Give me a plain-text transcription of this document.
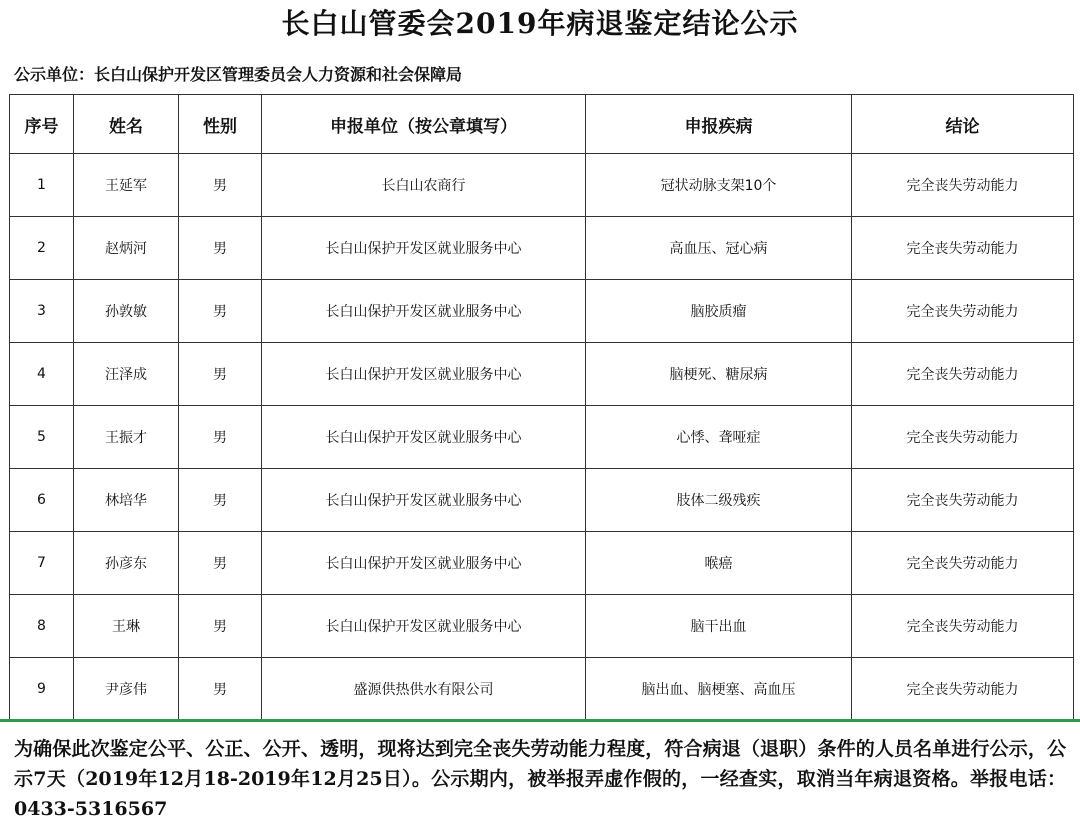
长白山管委会2019年病退鉴定结论公示
公示单位：长白山保护开发区管理委员会人力资源和社会保障局
序号	姓名	性别	申报单位（按公章填写）	申报疾病	结论
1	王延军	男	长白山农商行	冠状动脉支架10个	完全丧失劳动能力
2	赵炳河	男	长白山保护开发区就业服务中心	高血压、冠心病	完全丧失劳动能力
3	孙敦敏	男	长白山保护开发区就业服务中心	脑胶质瘤	完全丧失劳动能力
4	汪泽成	男	长白山保护开发区就业服务中心	脑梗死、糖尿病	完全丧失劳动能力
5	王振才	男	长白山保护开发区就业服务中心	心悸、聋哑症	完全丧失劳动能力
6	林培华	男	长白山保护开发区就业服务中心	肢体二级残疾	完全丧失劳动能力
7	孙彦东	男	长白山保护开发区就业服务中心	喉癌	完全丧失劳动能力
8	王琳	男	长白山保护开发区就业服务中心	脑干出血	完全丧失劳动能力
9	尹彦伟	男	盛源供热供水有限公司	脑出血、脑梗塞、高血压	完全丧失劳动能力
为确保此次鉴定公平、公正、公开、透明，现将达到完全丧失劳动能力程度，符合病退（退职）条件的人员名单进行公示，公示7天（2019年12月18-2019年12月25日）。公示期内，被举报弄虚作假的，一经查实，取消当年病退资格。举报电话：0433-5316567
